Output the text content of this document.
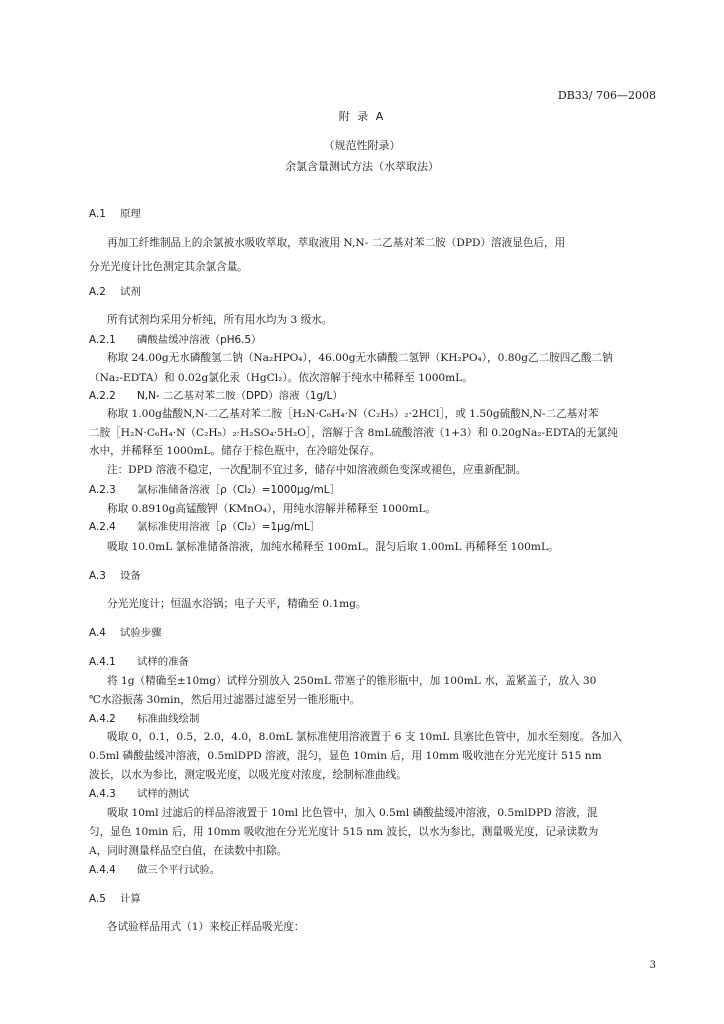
DB33/ 706—2008
附 录 A
（规范性附录）
余氯含量测试方法（水萃取法）
A.1 原理
再加工纤维制品上的余氯被水吸收萃取，萃取液用 N,N- 二乙基对苯二胺（DPD）溶液显色后，用
分光光度计比色测定其余氯含量。
A.2 试剂
所有试剂均采用分析纯，所有用水均为 3 级水。
A.2.1 磷酸盐缓冲溶液（pH6.5）
称取 24.00g无水磷酸氢二钠（Na₂HPO₄），46.00g无水磷酸二氢钾（KH₂PO₄），0.80g乙二胺四乙酸二钠
（Na₂-EDTA）和 0.02g氯化汞（HgCl₂）。依次溶解于纯水中稀释至 1000mL。
A.2.2 N,N- 二乙基对苯二胺（DPD）溶液（1g/L）
称取 1.00g盐酸N,N-二乙基对苯二胺［H₂N·C₆H₄·N（C₂H₅）₂·2HCl］，或 1.50g硫酸N,N-二乙基对苯
二胺［H₂N·C₆H₄·N（C₂H₅）₂·H₂SO₄·5H₂O］，溶解于含 8mL硫酸溶液（1+3）和 0.20gNa₂-EDTA的无氯纯
水中，并稀释至 1000mL。储存于棕色瓶中，在冷暗处保存。
注：DPD 溶液不稳定，一次配制不宜过多，储存中如溶液颜色变深或褪色，应重新配制。
A.2.3 氯标准储备溶液［ρ（Cl₂）=1000μg/mL］
称取 0.8910g高锰酸钾（KMnO₄），用纯水溶解并稀释至 1000mL。
A.2.4 氯标准使用溶液［ρ（Cl₂）=1μg/mL］
吸取 10.0mL 氯标准储备溶液，加纯水稀释至 100mL。混匀后取 1.00mL 再稀释至 100mL。
A.3 设备
分光光度计；恒温水浴锅；电子天平，精确至 0.1mg。
A.4 试验步骤
A.4.1 试样的准备
将 1g（精确至±10mg）试样分别放入 250mL 带塞子的锥形瓶中，加 100mL 水，盖紧盖子，放入 30
℃水浴振荡 30min，然后用过滤器过滤至另一锥形瓶中。
A.4.2 标准曲线绘制
吸取 0，0.1，0.5，2.0，4.0，8.0mL 氯标准使用溶液置于 6 支 10mL 具塞比色管中，加水至刻度。各加入
0.5ml 磷酸盐缓冲溶液，0.5mlDPD 溶液，混匀，显色 10min 后，用 10mm 吸收池在分光光度计 515 nm
波长，以水为参比，测定吸光度，以吸光度对浓度，绘制标准曲线。
A.4.3 试样的测试
吸取 10ml 过滤后的样品溶液置于 10ml 比色管中，加入 0.5ml 磷酸盐缓冲溶液，0.5mlDPD 溶液，混
匀，显色 10min 后，用 10mm 吸收池在分光光度计 515 nm 波长，以水为参比，测量吸光度，记录读数为
A，同时测量样品空白值，在读数中扣除。
A.4.4 做三个平行试验。
A.5 计算
各试验样品用式（1）来校正样品吸光度：
3
